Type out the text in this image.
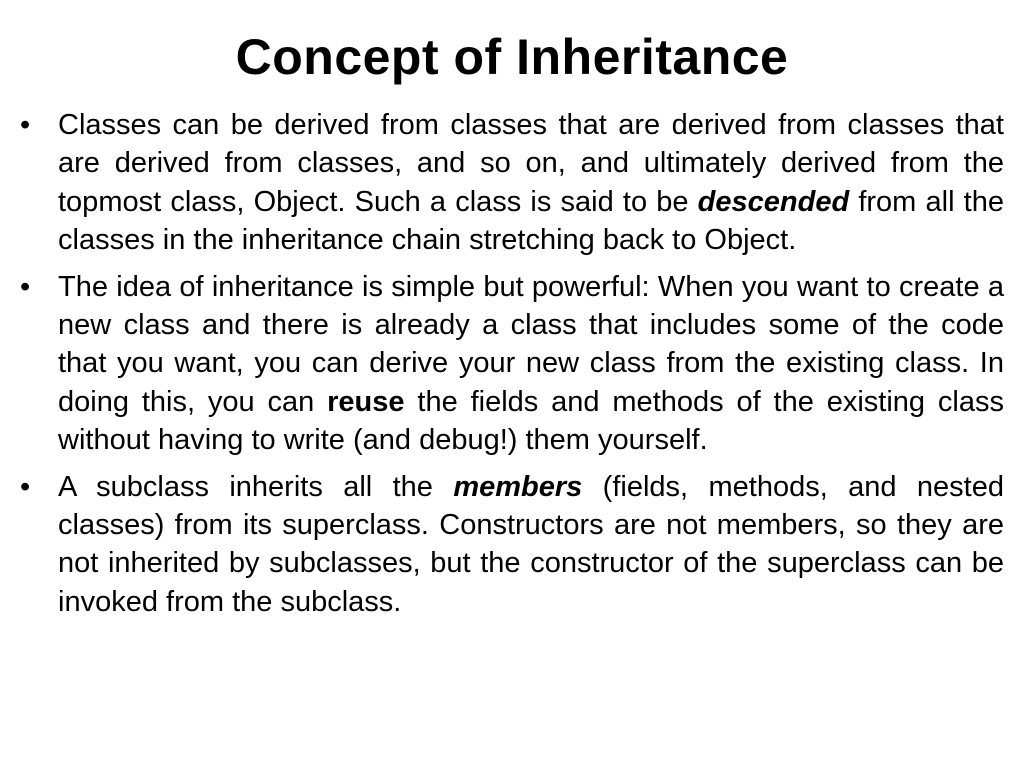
Concept of Inheritance
• Classes can be derived from classes that are derived from classes that are derived from classes, and so on, and ultimately derived from the topmost class, Object. Such a class is said to be descended from all the classes in the inheritance chain stretching back to Object.
• The idea of inheritance is simple but powerful: When you want to create a new class and there is already a class that includes some of the code that you want, you can derive your new class from the existing class. In doing this, you can reuse the fields and methods of the existing class without having to write (and debug!) them yourself.
• A subclass inherits all the members (fields, methods, and nested classes) from its superclass. Constructors are not members, so they are not inherited by subclasses, but the constructor of the superclass can be invoked from the subclass.
